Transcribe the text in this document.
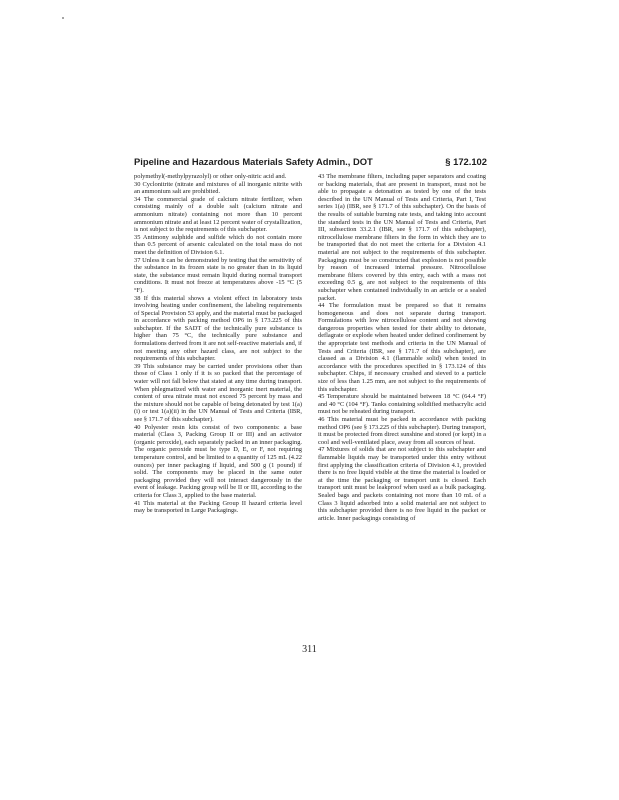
Pipeline and Hazardous Materials Safety Admin., DOT	§ 172.102

polymethyl(-methylpyrazolyl) or other only-nitric acid and.

30 Cyclonitrite (nitrate and mixtures of all inorganic nitrite with an ammonium salt are prohibited.

34 The commercial grade of calcium nitrate fertilizer, when consisting mainly of a double salt (calcium nitrate and ammonium nitrate) containing not more than 10 percent ammonium nitrate and at least 12 percent water of crystallization, is not subject to the requirements of this subchapter.

35 Antimony sulphide and sulfide which do not contain more than 0.5 percent of arsenic calculated on the total mass do not meet the definition of Division 6.1.

37 Unless it can be demonstrated by testing that the sensitivity of the substance in its frozen state is no greater than in its liquid state, the substance must remain liquid during normal transport conditions. It must not freeze at temperatures above -15 °C (5 °F).

38 If this material shows a violent effect in laboratory tests involving heating under confinement, the labeling requirements of Special Provision 53 apply, and the material must be packaged in accordance with packing method OP6 in § 173.225 of this subchapter. If the SADT of the technically pure substance is higher than 75 °C, the technically pure substance and formulations derived from it are not self-reactive materials and, if not meeting any other hazard class, are not subject to the requirements of this subchapter.

39 This substance may be carried under provisions other than those of Class 1 only if it is so packed that the percentage of water will not fall below that stated at any time during transport. When phlegmatized with water and inorganic inert material, the content of urea nitrate must not exceed 75 percent by mass and the mixture should not be capable of being detonated by test 1(a)(i) or test 1(a)(ii) in the UN Manual of Tests and Criteria (IBR, see § 171.7 of this subchapter).

40 Polyester resin kits consist of two components: a base material (Class 3, Packing Group II or III) and an activator (organic peroxide), each separately packed in an inner packaging. The organic peroxide must be type D, E, or F, not requiring temperature control, and be limited to a quantity of 125 mL (4.22 ounces) per inner packaging if liquid, and 500 g (1 pound) if solid. The components may be placed in the same outer packaging provided they will not interact dangerously in the event of leakage. Packing group will be II or III, according to the criteria for Class 3, applied to the base material.

41 This material at the Packing Group II hazard criteria level may be transported in Large Packagings.

43 The membrane filters, including paper separators and coating or backing materials, that are present in transport, must not be able to propagate a detonation as tested by one of the tests described in the UN Manual of Tests and Criteria, Part I, Test series 1(a) (IBR, see § 171.7 of this subchapter). On the basis of the results of suitable burning rate tests, and taking into account the standard tests in the UN Manual of Tests and Criteria, Part III, subsection 33.2.1 (IBR, see § 171.7 of this subchapter), nitrocellulose membrane filters in the form in which they are to be transported that do not meet the criteria for a Division 4.1 material are not subject to the requirements of this subchapter. Packagings must be so constructed that explosion is not possible by reason of increased internal pressure. Nitrocellulose membrane filters covered by this entry, each with a mass not exceeding 0.5 g, are not subject to the requirements of this subchapter when contained individually in an article or a sealed packet.

44 The formulation must be prepared so that it remains homogeneous and does not separate during transport. Formulations with low nitrocellulose content and not showing dangerous properties when tested for their ability to detonate, deflagrate or explode when heated under defined confinement by the appropriate test methods and criteria in the UN Manual of Tests and Criteria (IBR, see § 171.7 of this subchapter), are classed as a Division 4.1 (flammable solid) when tested in accordance with the procedures specified in § 173.124 of this subchapter. Chips, if necessary crushed and sieved to a particle size of less than 1.25 mm, are not subject to the requirements of this subchapter.

45 Temperature should be maintained between 18 °C (64.4 °F) and 40 °C (104 °F). Tanks containing solidified methacrylic acid must not be reheated during transport.

46 This material must be packed in accordance with packing method OP6 (see § 173.225 of this subchapter). During transport, it must be protected from direct sunshine and stored (or kept) in a cool and well-ventilated place, away from all sources of heat.

47 Mixtures of solids that are not subject to this subchapter and flammable liquids may be transported under this entry without first applying the classification criteria of Division 4.1, provided there is no free liquid visible at the time the material is loaded or at the time the packaging or transport unit is closed. Each transport unit must be leakproof when used as a bulk packaging. Sealed bags and packets containing not more than 10 mL of a Class 3 liquid adsorbed into a solid material are not subject to this subchapter provided there is no free liquid in the packet or article. Inner packagings consisting of

311
